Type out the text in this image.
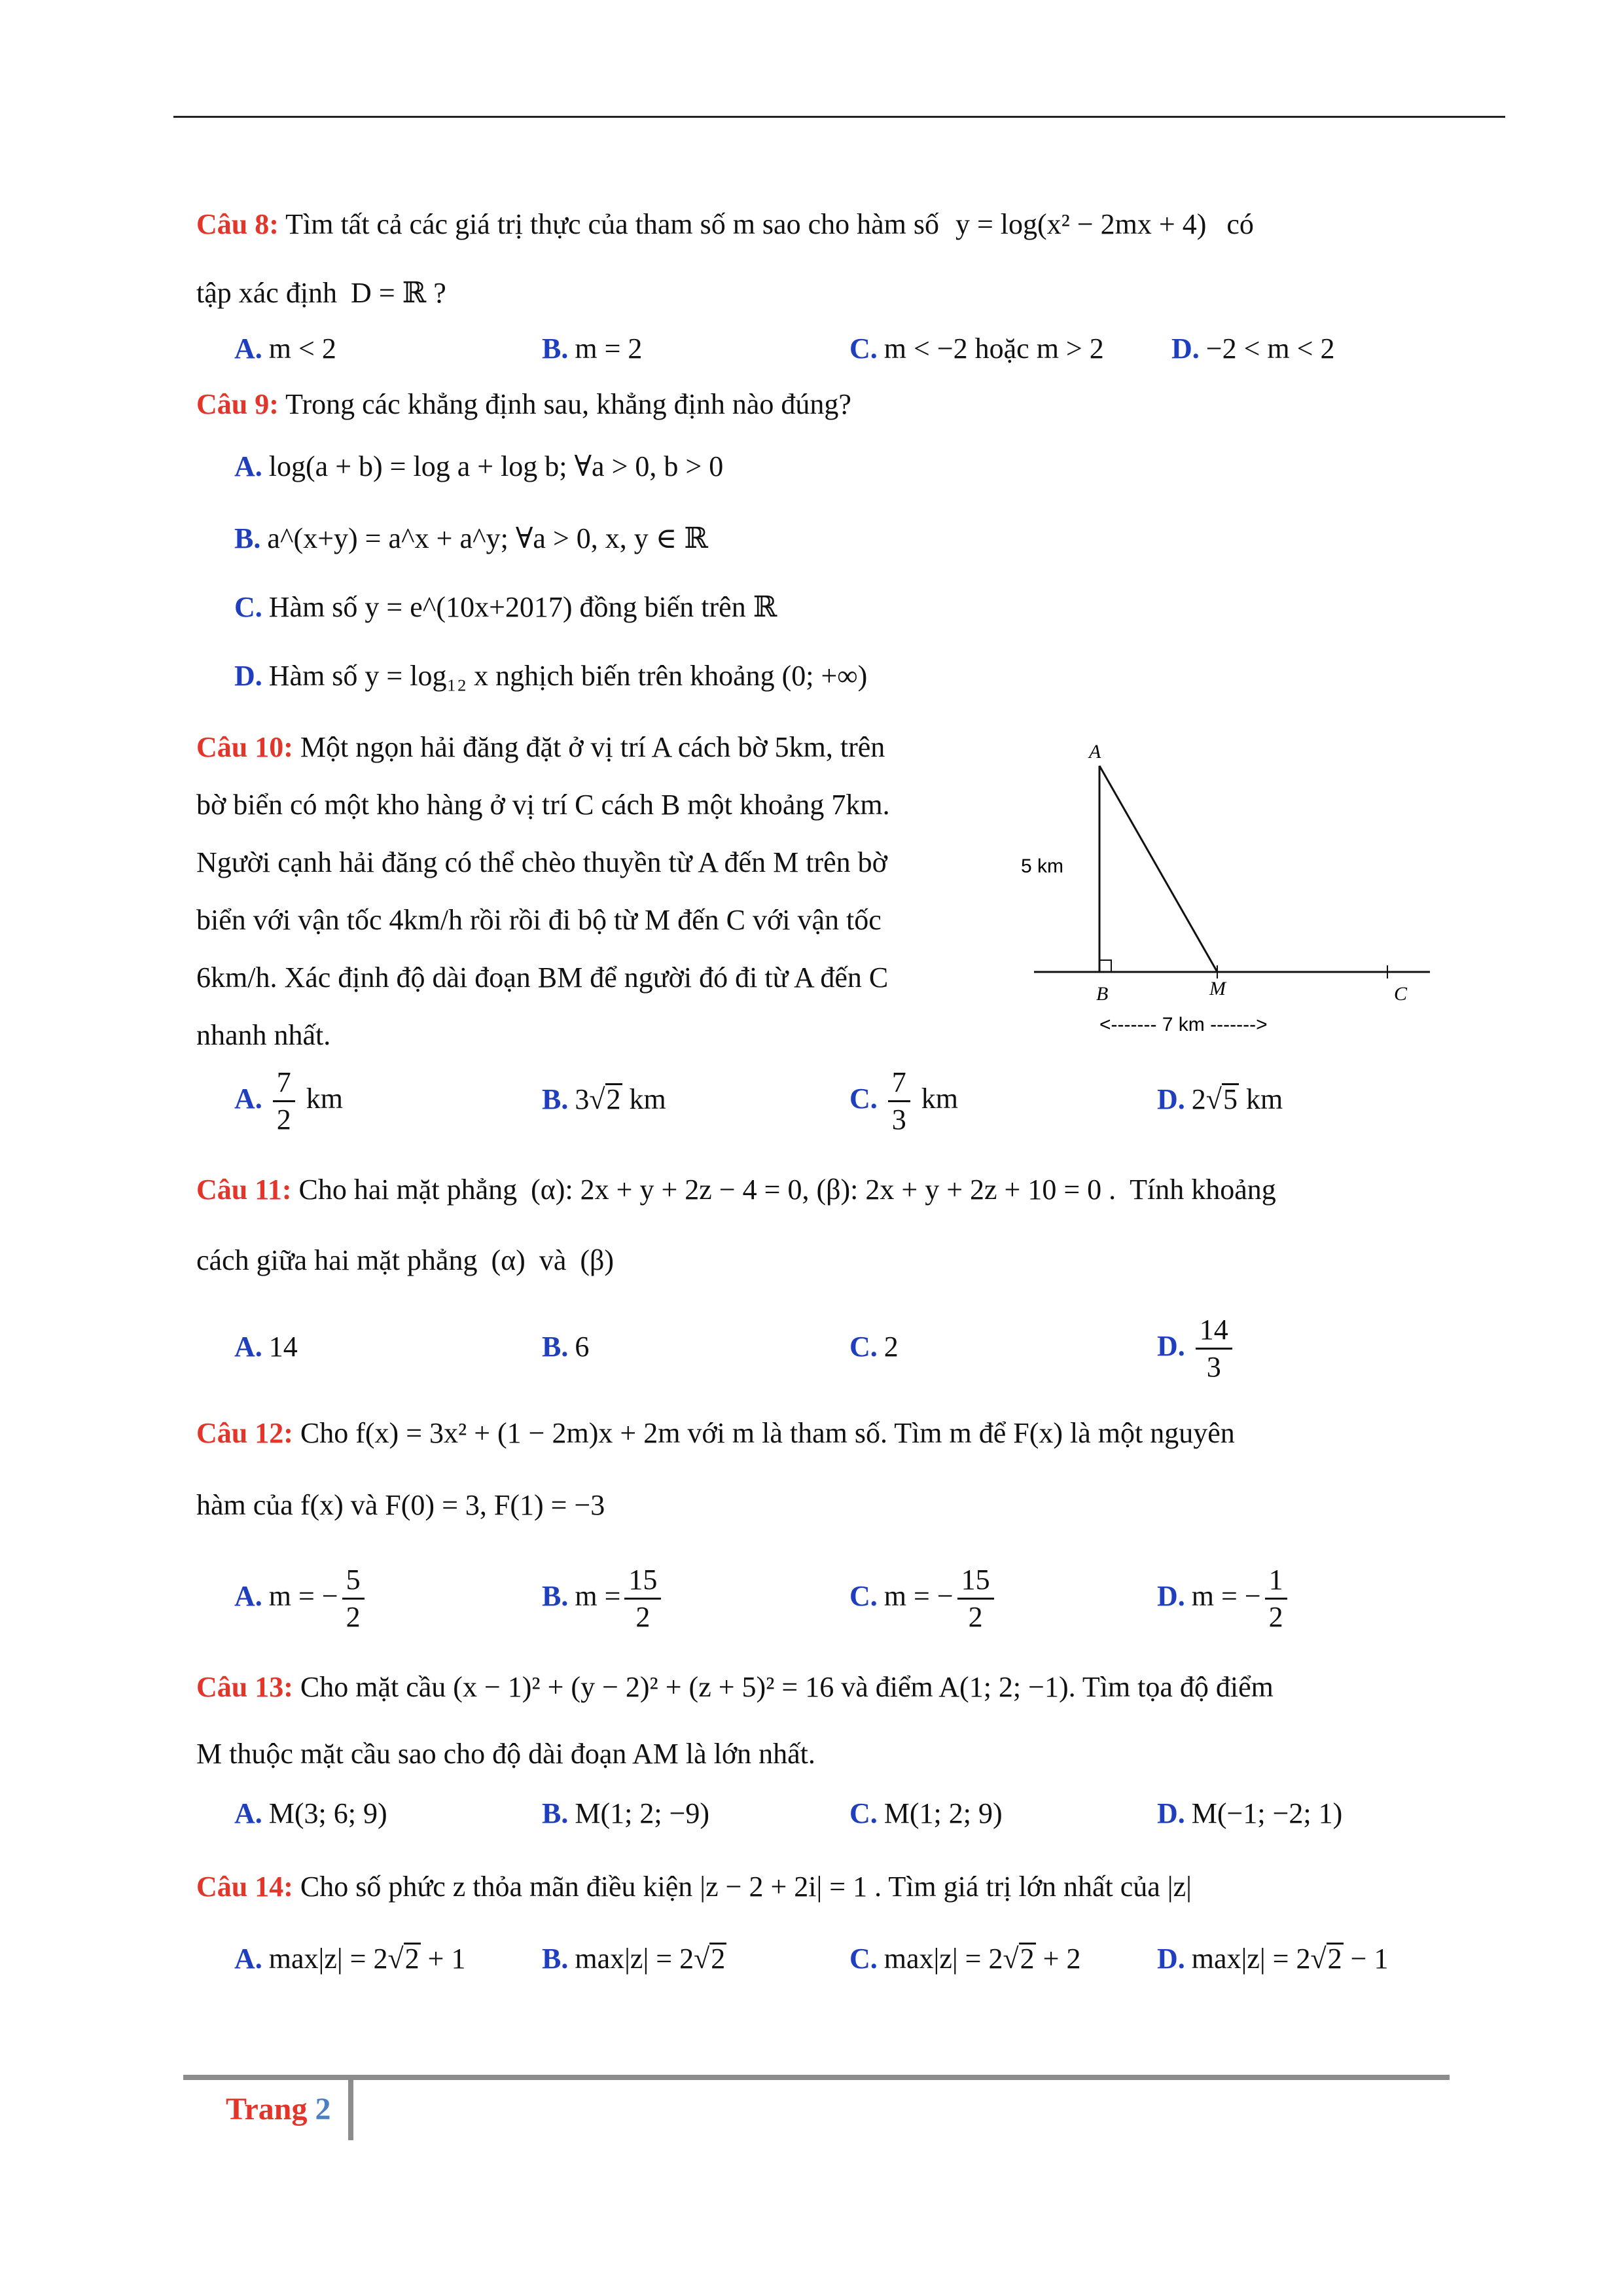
Câu 8: Tìm tất cả các giá trị thực của tham số m sao cho hàm số y = log(x² − 2mx + 4) có
tập xác định D = ℝ ?
A. m < 2	B. m = 2	C. m < −2 hoặc m > 2 D. −2 < m < 2
Câu 9: Trong các khẳng định sau, khẳng định nào đúng?
A. log(a + b) = log a + log b; ∀a > 0, b > 0
B. a^(x+y) = a^x + a^y; ∀a > 0, x, y ∈ ℝ
C. Hàm số y = e^(10x+2017) đồng biến trên ℝ
D. Hàm số y = log₁₂ x nghịch biến trên khoảng (0; +∞)
Câu 10: Một ngọn hải đăng đặt ở vị trí A cách bờ 5km, trên
bờ biển có một kho hàng ở vị trí C cách B một khoảng 7km.
Người cạnh hải đăng có thể chèo thuyền từ A đến M trên bờ
biển với vận tốc 4km/h rồi rồi đi bộ từ M đến C với vận tốc
6km/h. Xác định độ dài đoạn BM để người đó đi từ A đến C
nhanh nhất.
A
B	M	C
5 km
<------- 7 km ------->
A. $\frac{7}{2}$ km	B. 3√2 km	C. $\frac{7}{3}$ km	D. 2√5 km
Câu 11: Cho hai mặt phẳng (α): 2x + y + 2z − 4 = 0, (β): 2x + y + 2z + 10 = 0 . Tính khoảng
cách giữa hai mặt phẳng (α) và (β)
A. 14	B. 6	C. 2	D. $\frac{14}{3}$
Câu 12: Cho f(x) = 3x² + (1 − 2m)x + 2m với m là tham số. Tìm m để F(x) là một nguyên
hàm của f(x) và F(0) = 3, F(1) = −3
A. m = − $\frac{5}{2}$	B. $m = \frac{15}{2}$	C. m = − $\frac{15}{2}$	D. m = − $\frac{1}{2}$
Câu 13: Cho mặt cầu (x − 1)² + (y − 2)² + (z + 5)² = 16 và điểm A(1; 2; −1). Tìm tọa độ điểm
M thuộc mặt cầu sao cho độ dài đoạn AM là lớn nhất.
A. M(3; 6; 9)	B. M(1; 2; −9)	C. M(1; 2; 9)	D. M(−1; −2; 1)
Câu 14: Cho số phức z thỏa mãn điều kiện |z − 2 + 2i| = 1 . Tìm giá trị lớn nhất của |z|
A. max|z| = 2√2 + 1	B. max|z| = 2√2	C. max|z| = 2√2 + 2	D. max|z| = 2√2 − 1
Trang 2
